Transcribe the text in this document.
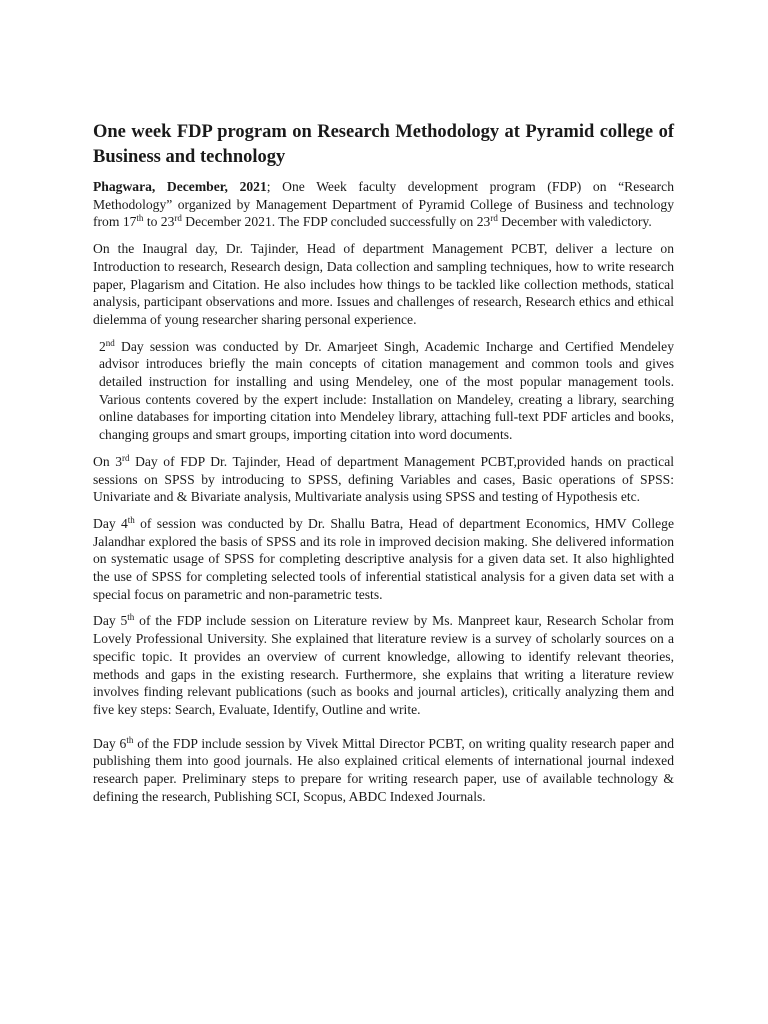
One week FDP program on Research Methodology at Pyramid college of Business and technology

Phagwara, December, 2021; One Week faculty development program (FDP) on “Research Methodology” organized by Management Department of Pyramid College of Business and technology from 17th to 23rd December 2021. The FDP concluded successfully on 23rd December with valedictory.

On the Inaugral day, Dr. Tajinder, Head of department Management PCBT, deliver a lecture on Introduction to research, Research design, Data collection and sampling techniques, how to write research paper, Plagarism and Citation. He also includes how things to be tackled like collection methods, statical analysis, participant observations and more. Issues and challenges of research, Research ethics and ethical dielemma of young researcher sharing personal experience.

2nd Day session was conducted by Dr. Amarjeet Singh, Academic Incharge and Certified Mendeley advisor introduces briefly the main concepts of citation management and common tools and gives detailed instruction for installing and using Mendeley, one of the most popular management tools. Various contents covered by the expert include: Installation on Mandeley, creating a library, searching online databases for importing citation into Mendeley library, attaching full-text PDF articles and books, changing groups and smart groups, importing citation into word documents.

On 3rd Day of FDP Dr. Tajinder, Head of department Management PCBT,provided hands on practical sessions on SPSS by introducing to SPSS, defining Variables and cases, Basic operations of SPSS: Univariate and & Bivariate analysis, Multivariate analysis using SPSS and testing of Hypothesis etc.

Day 4th of session was conducted by Dr. Shallu Batra, Head of department Economics, HMV College Jalandhar explored the basis of SPSS and its role in improved decision making. She delivered information on systematic usage of SPSS for completing descriptive analysis for a given data set. It also highlighted the use of SPSS for completing selected tools of inferential statistical analysis for a given data set with a special focus on parametric and non-parametric tests.

Day 5th of the FDP include session on Literature review by Ms. Manpreet kaur, Research Scholar from Lovely Professional University. She explained that literature review is a survey of scholarly sources on a specific topic. It provides an overview of current knowledge, allowing to identify relevant theories, methods and gaps in the existing research. Furthermore, she explains that writing a literature review involves finding relevant publications (such as books and journal articles), critically analyzing them and five key steps: Search, Evaluate, Identify, Outline and write.

Day 6th of the FDP include session by Vivek Mittal Director PCBT, on writing quality research paper and publishing them into good journals. He also explained critical elements of international journal indexed research paper. Preliminary steps to prepare for writing research paper, use of available technology & defining the research, Publishing SCI, Scopus, ABDC Indexed Journals.
